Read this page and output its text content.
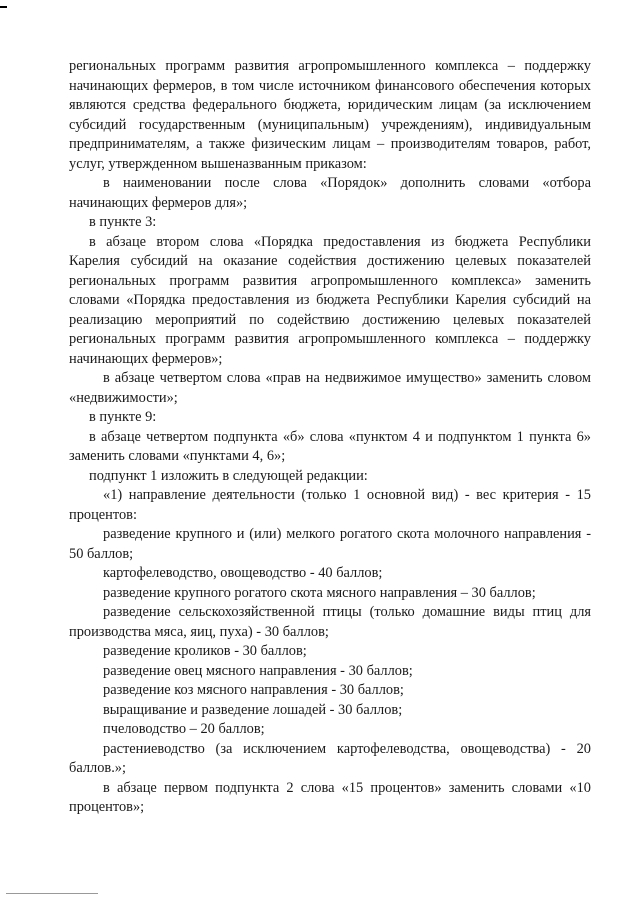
региональных программ развития агропромышленного комплекса – поддержку начинающих фермеров, в том числе источником финансового обеспечения которых являются средства федерального бюджета, юридическим лицам (за исключением субсидий государственным (муниципальным) учреждениям), индивидуальным предпринимателям, а также физическим лицам – производителям товаров, работ, услуг, утвержденном вышеназванным приказом:

в наименовании после слова «Порядок» дополнить словами «отбора начинающих фермеров для»;

в пункте 3:

в абзаце втором слова «Порядка предоставления из бюджета Республики Карелия субсидий на оказание содействия достижению целевых показателей региональных программ развития агропромышленного комплекса» заменить словами «Порядка предоставления из бюджета Республики Карелия субсидий на реализацию мероприятий по содействию достижению целевых показателей региональных программ развития агропромышленного комплекса – поддержку начинающих фермеров»;

в абзаце четвертом слова «прав на недвижимое имущество» заменить словом «недвижимости»;

в пункте 9:

в абзаце четвертом подпункта «б» слова «пунктом 4 и подпунктом 1 пункта 6» заменить словами «пунктами 4, 6»;

подпункт 1 изложить в следующей редакции:

«1) направление деятельности (только 1 основной вид) - вес критерия - 15 процентов:

разведение крупного и (или) мелкого рогатого скота молочного направления - 50 баллов;

картофелеводство, овощеводство - 40 баллов;

разведение крупного рогатого скота мясного направления – 30 баллов;

разведение сельскохозяйственной птицы (только домашние виды птиц для производства мяса, яиц, пуха) - 30 баллов;

разведение кроликов - 30 баллов;

разведение овец мясного направления - 30 баллов;

разведение коз мясного направления - 30 баллов;

выращивание и разведение лошадей - 30 баллов;

пчеловодство – 20 баллов;

растениеводство (за исключением картофелеводства, овощеводства) - 20 баллов.»;

в абзаце первом подпункта 2 слова «15 процентов» заменить словами «10 процентов»;
